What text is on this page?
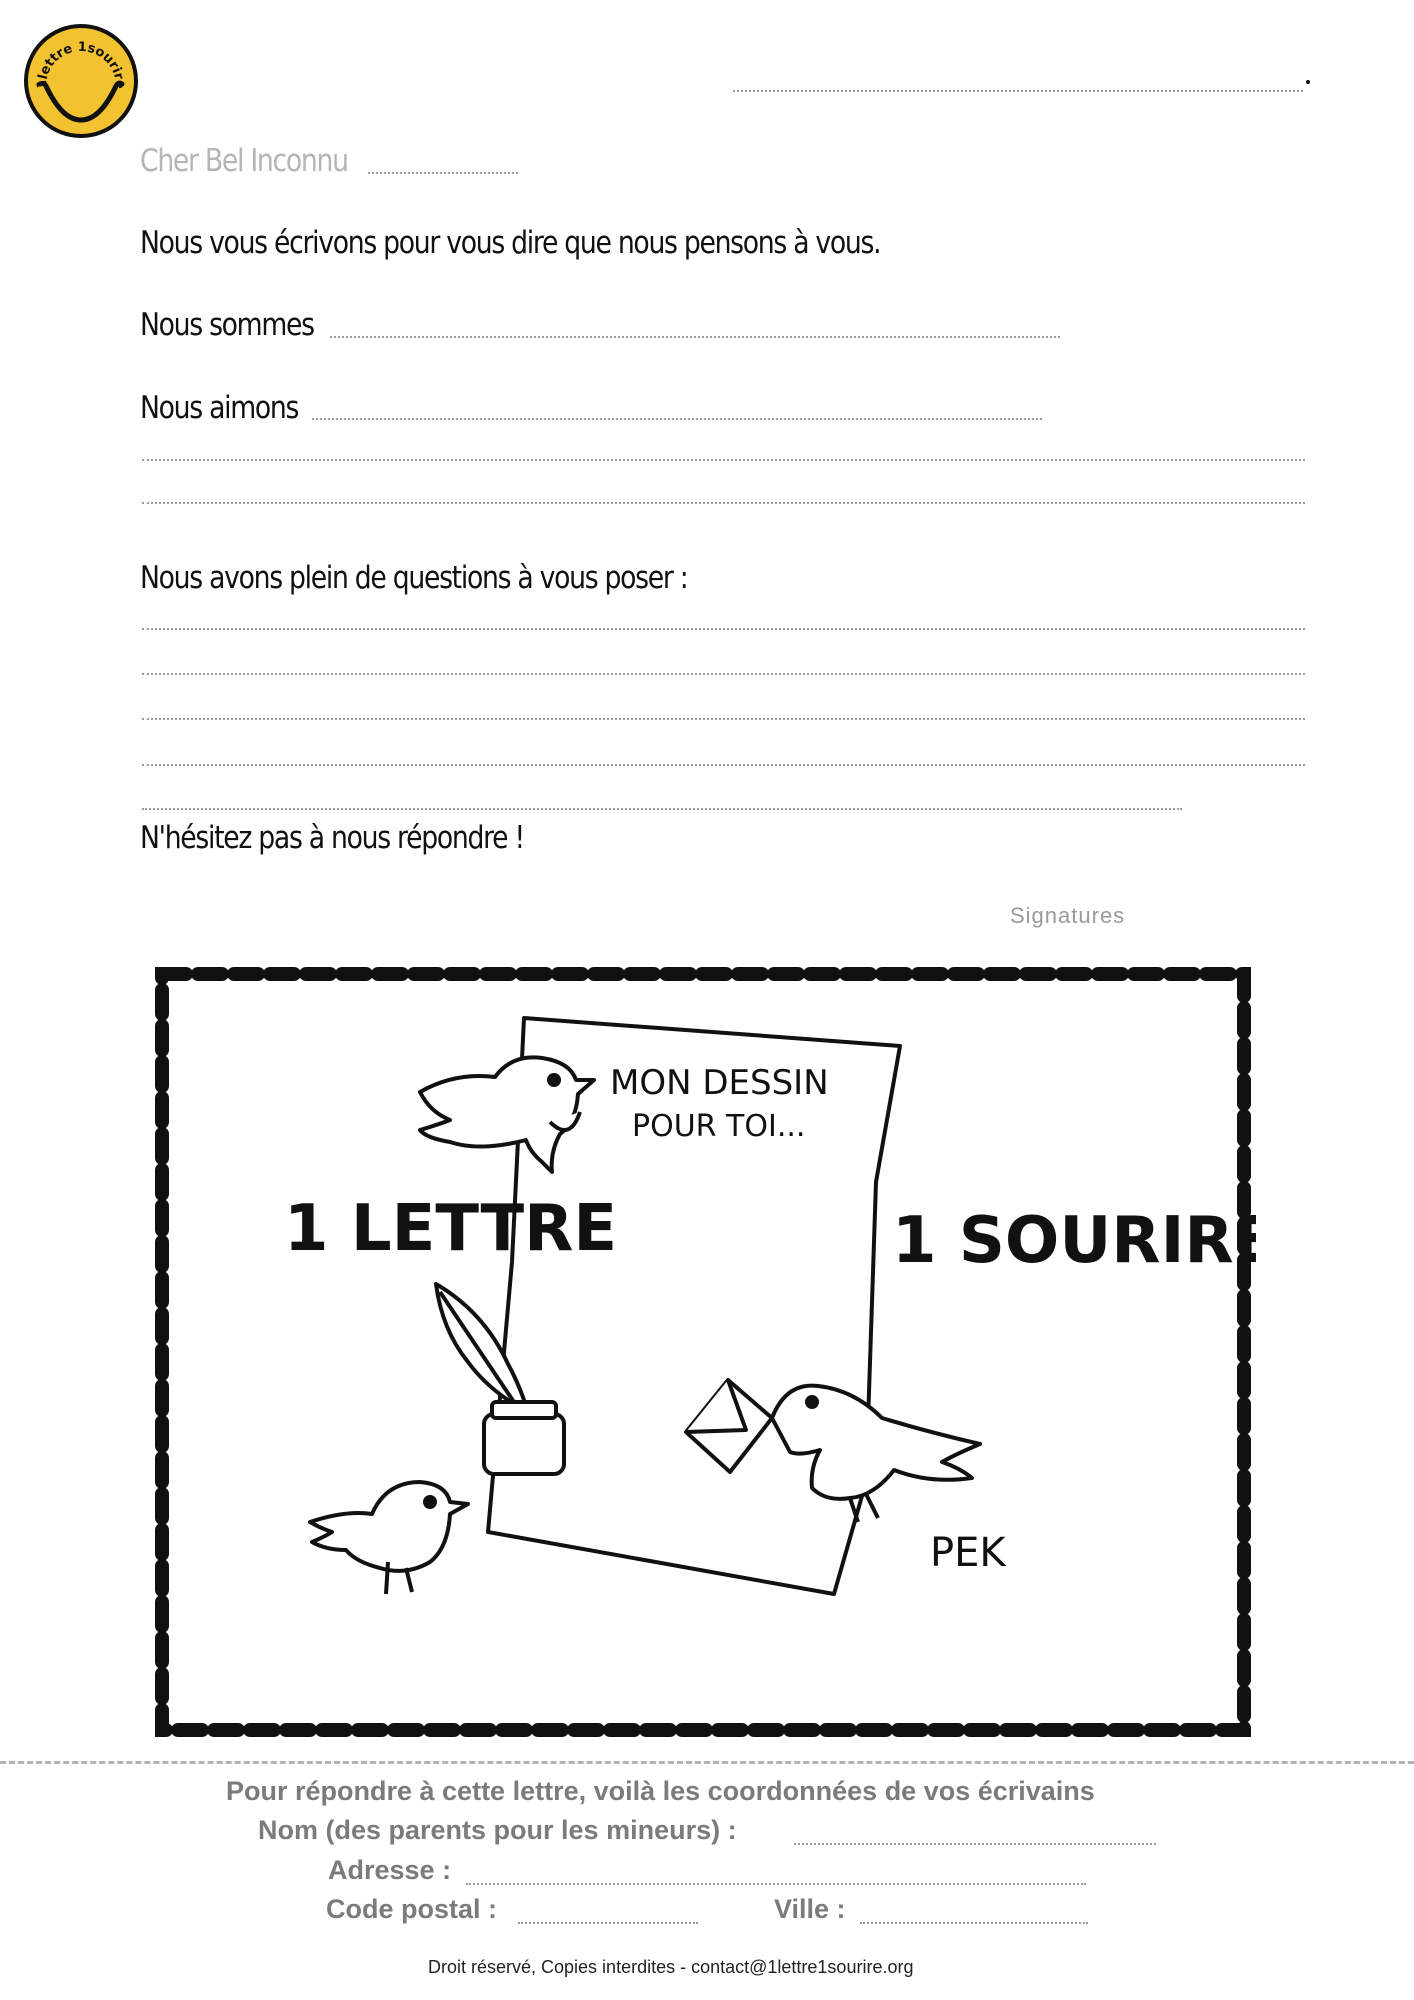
1lettre 1sourire
Cher Bel Inconnu
Nous vous écrivons pour vous dire que nous pensons à vous.
Nous sommes
Nous aimons
Nous avons plein de questions à vous poser :
N'hésitez pas à nous répondre !
Signatures
MON DESSIN
POUR TOI...
1 LETTRE	1 SOURIRE
PEK
Pour répondre à cette lettre, voilà les coordonnées de vos écrivains
Nom (des parents pour les mineurs) :
Adresse :
Code postal :	Ville :
Droit réservé, Copies interdites - contact@1lettre1sourire.org
